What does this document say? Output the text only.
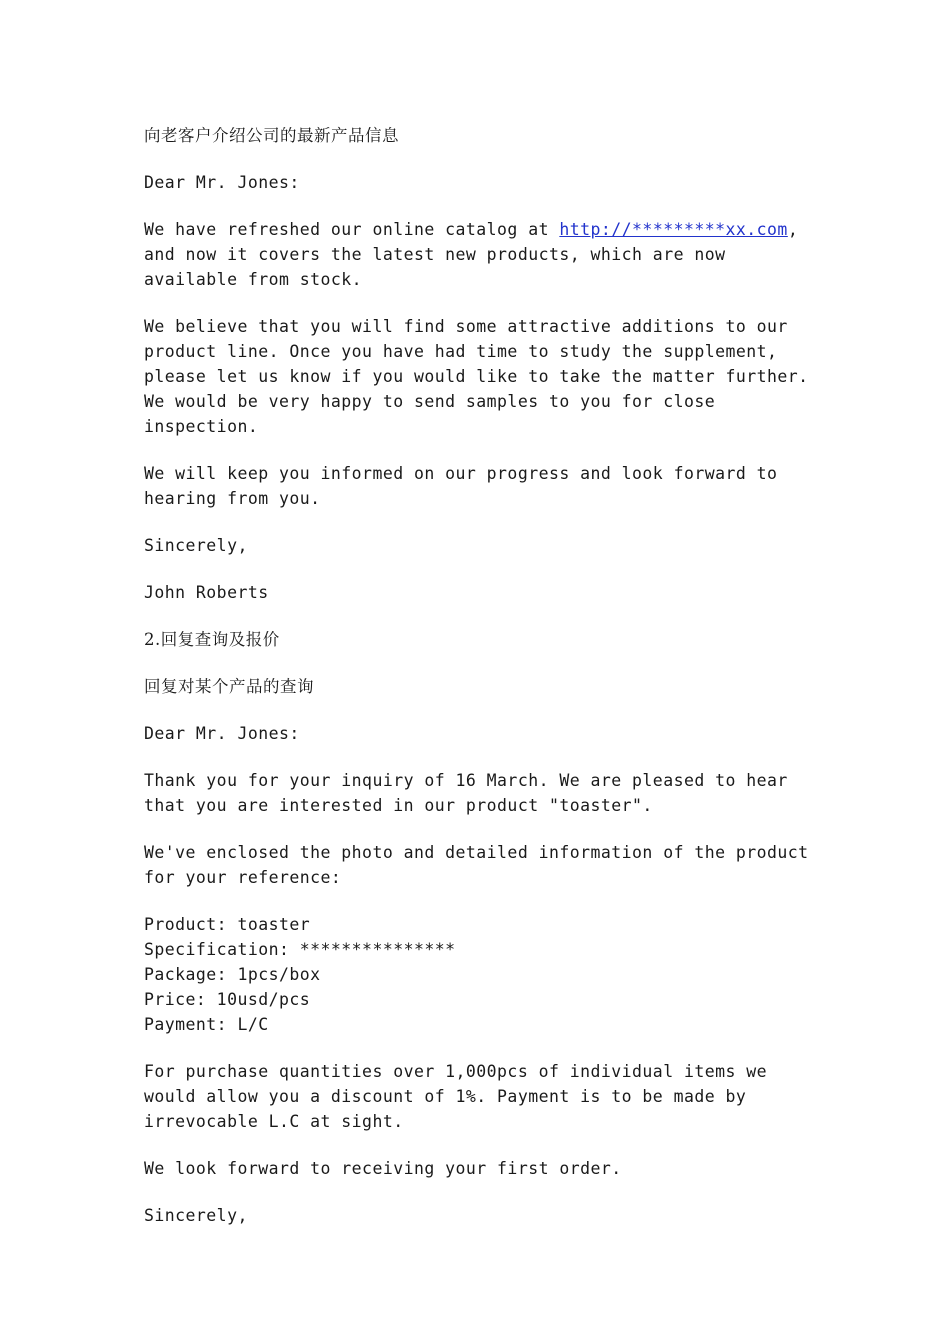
向老客户介绍公司的最新产品信息

Dear Mr. Jones:

We have refreshed our online catalog at http://*********xx.com, and now it covers the latest new products, which are now available from stock.

We believe that you will find some attractive additions to our product line. Once you have had time to study the supplement, please let us know if you would like to take the matter further. We would be very happy to send samples to you for close inspection.

We will keep you informed on our progress and look forward to hearing from you.

Sincerely,

John Roberts

2.回复查询及报价

回复对某个产品的查询

Dear Mr. Jones:

Thank you for your inquiry of 16 March. We are pleased to hear that you are interested in our product "toaster".

We've enclosed the photo and detailed information of the product for your reference:

Product: toaster

Specification: ***************

Package: 1pcs/box

Price: 10usd/pcs

Payment: L/C

For purchase quantities over 1,000pcs of individual items we would allow you a discount of 1%. Payment is to be made by irrevocable L.C at sight.

We look forward to receiving your first order.

Sincerely,
